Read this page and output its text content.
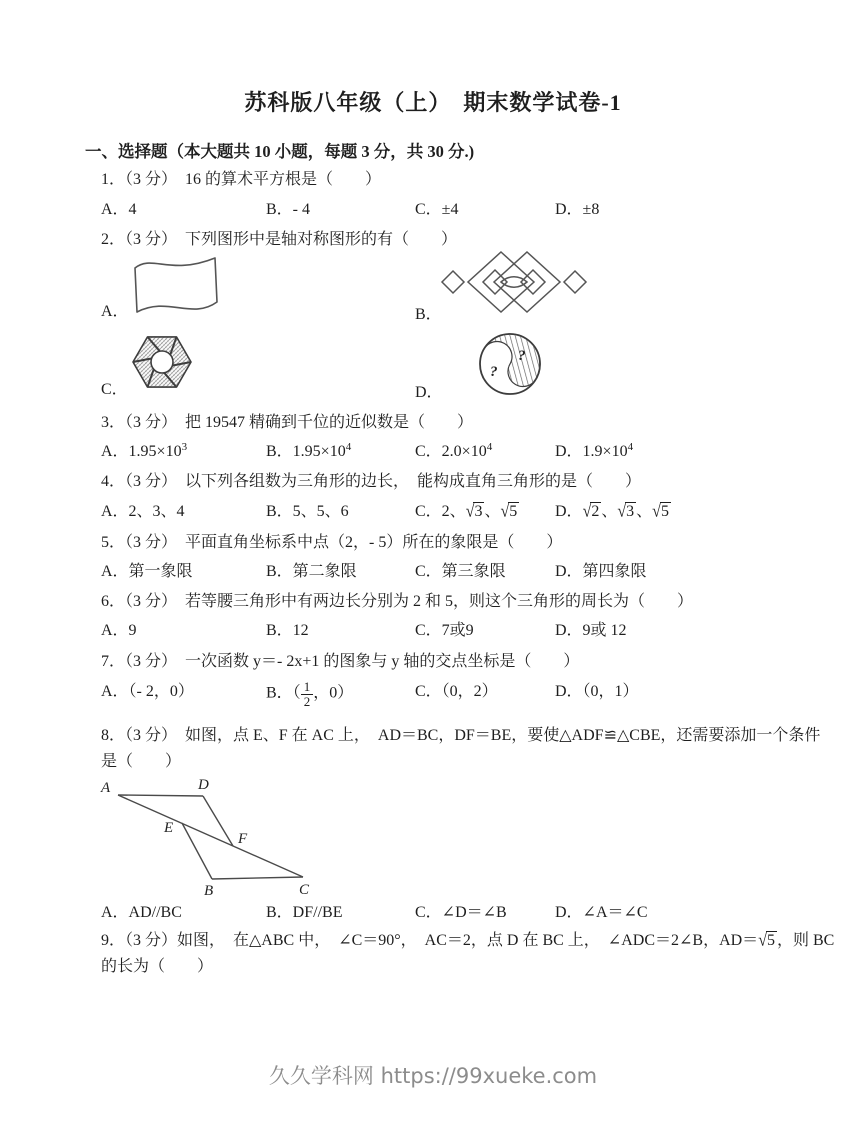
苏科版八年级（上）　期末数学试卷-1
一、选择题（本大题共 10 小题，每题 3 分，共 30 分.)
1．（3 分）　16 的算术平方根是（　　）
A．4	B．- 4	C．±4	D．±8
2．（3 分）　下列图形中是轴对称图形的有（　　）
A．	B．
C．
?
?
D．
3．（3 分）　把 19547 精确到千位的近似数是（　　）
A．$1.95\times 10^3$	B．$1.95\times 10^4$	C．$2.0\times 10^4$	D．$1.9\times 10^4$
4．（3 分）　以下列各组数为三角形的边长，　能构成直角三角形的是（　　）
A．2、3、4	B．5、5、6	C．2、√3 、√5 D．√2 、√3 、√5
5．（3 分）　平面直角坐标系中点（2，- 5）所在的象限是（　　）
A．第一象限	B．第二象限	C．第三象限	D．第四象限
6．（3 分）　若等腰三角形中有两边长分别为 2 和 5，则这个三角形的周长为（　　）
A．9	B．12	C．7或9	D．9或 12
7．（3 分）　一次函数 y＝- 2x+1 的图象与 y 轴的交点坐标是（　　）
A．（- 2，0）	B．（ $\frac{1}{2}$ ，0）	C．（0，2）	D．（0，1）
8．（3 分）　如图，点 E、F 在 AC 上，　AD＝BC，DF＝BE，要使△ADF≌△CBE，还需要添加一个条件
是（　　）
A	D
E
F
B	C
A．AD//BC	B．DF//BE	C．∠D＝∠B	D．∠A＝∠C
9．（3 分）如图，　在△ABC 中，　∠C＝90°，　AC＝2，点 D 在 BC 上，　∠ADC＝2∠B，AD＝√5 ，则 BC
的长为（　　）
久久学科网 https://99xueke.com
